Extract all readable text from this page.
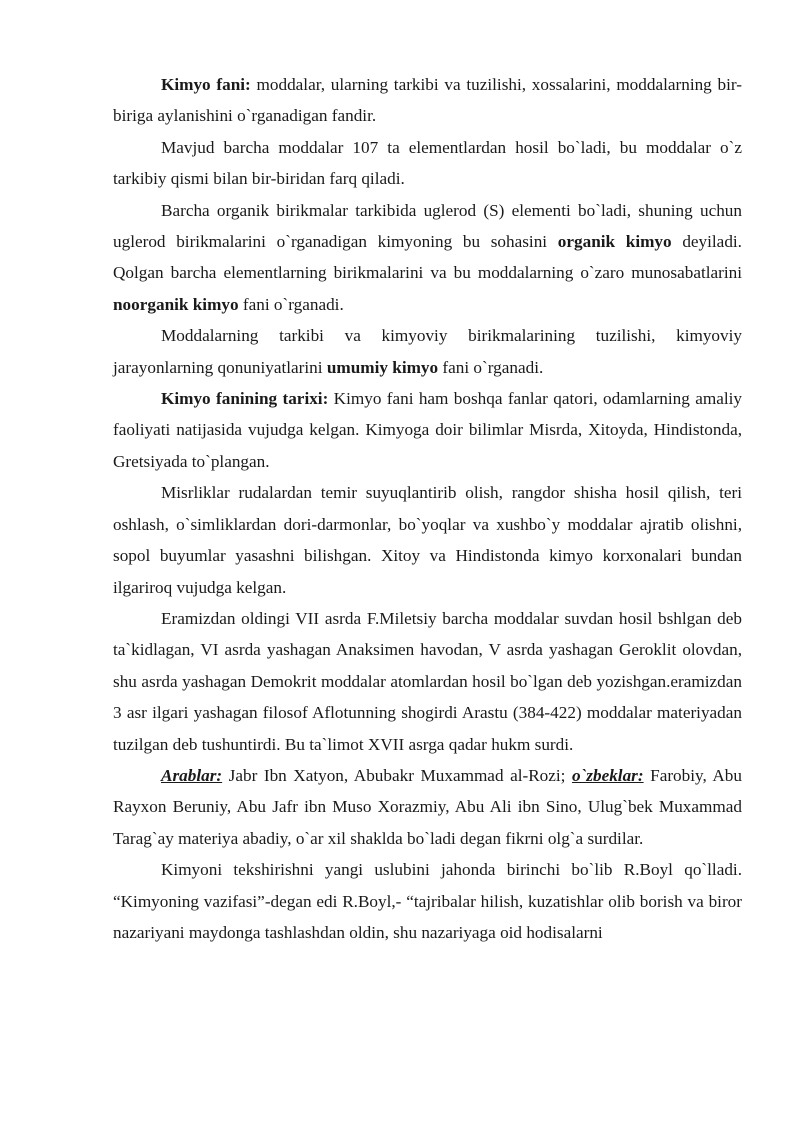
Kimyo fani: moddalar, ularning tarkibi va tuzilishi, xossalarini, moddalarning bir-biriga aylanishini o`rganadigan fandir.

Mavjud barcha moddalar 107 ta elementlardan hosil bo`ladi, bu moddalar o`z tarkibiy qismi bilan bir-biridan farq qiladi.

Barcha organik birikmalar tarkibida uglerod (S) elementi bo`ladi, shuning uchun uglerod birikmalarini o`rganadigan kimyoning bu sohasini organik kimyo deyiladi. Qolgan barcha elementlarning birikmalarini va bu moddalarning o`zaro munosabatlarini noorganik kimyo fani o`rganadi.

Moddalarning tarkibi va kimyoviy birikmalarining tuzilishi, kimyoviy jarayonlarning qonuniyatlarini umumiy kimyo fani o`rganadi.

Kimyo fanining tarixi: Kimyo fani ham boshqa fanlar qatori, odamlarning amaliy faoliyati natijasida vujudga kelgan. Kimyoga doir bilimlar Misrda, Xitoyda, Hindistonda, Gretsiyada to`plangan.

Misrliklar rudalardan temir suyuqlantirib olish, rangdor shisha hosil qilish, teri oshlash, o`simliklardan dori-darmonlar, bo`yoqlar va xushbo`y moddalar ajratib olishni, sopol buyumlar yasashni bilishgan. Xitoy va Hindistonda kimyo korxonalari bundan ilgariroq vujudga kelgan.

Eramizdan oldingi VII asrda F.Miletsiy barcha moddalar suvdan hosil bshlgan deb ta`kidlagan, VI asrda yashagan Anaksimen havodan, V asrda yashagan Geroklit olovdan, shu asrda yashagan Demokrit moddalar atomlardan hosil bo`lgan deb yozishgan.eramizdan 3 asr ilgari yashagan filosof Aflotunning shogirdi Arastu (384-422) moddalar materiyadan tuzilgan deb tushuntirdi. Bu ta`limot XVII asrga qadar hukm surdi.

Arablar: Jabr Ibn Xatyon, Abubakr Muxammad al-Rozi; o`zbeklar: Farobiy, Abu Rayxon Beruniy, Abu Jafr ibn Muso Xorazmiy, Abu Ali ibn Sino, Ulug`bek Muxammad Tarag`ay materiya abadiy, o`ar xil shaklda bo`ladi degan fikrni olg`a surdilar.

Kimyoni tekshirishni yangi uslubini jahonda birinchi bo`lib R.Boyl qo`lladi. “Kimyoning vazifasi”-degan edi R.Boyl,- “tajribalar hilish, kuzatishlar olib borish va biror nazariyani maydonga tashlashdan oldin, shu nazariyaga oid hodisalarni
